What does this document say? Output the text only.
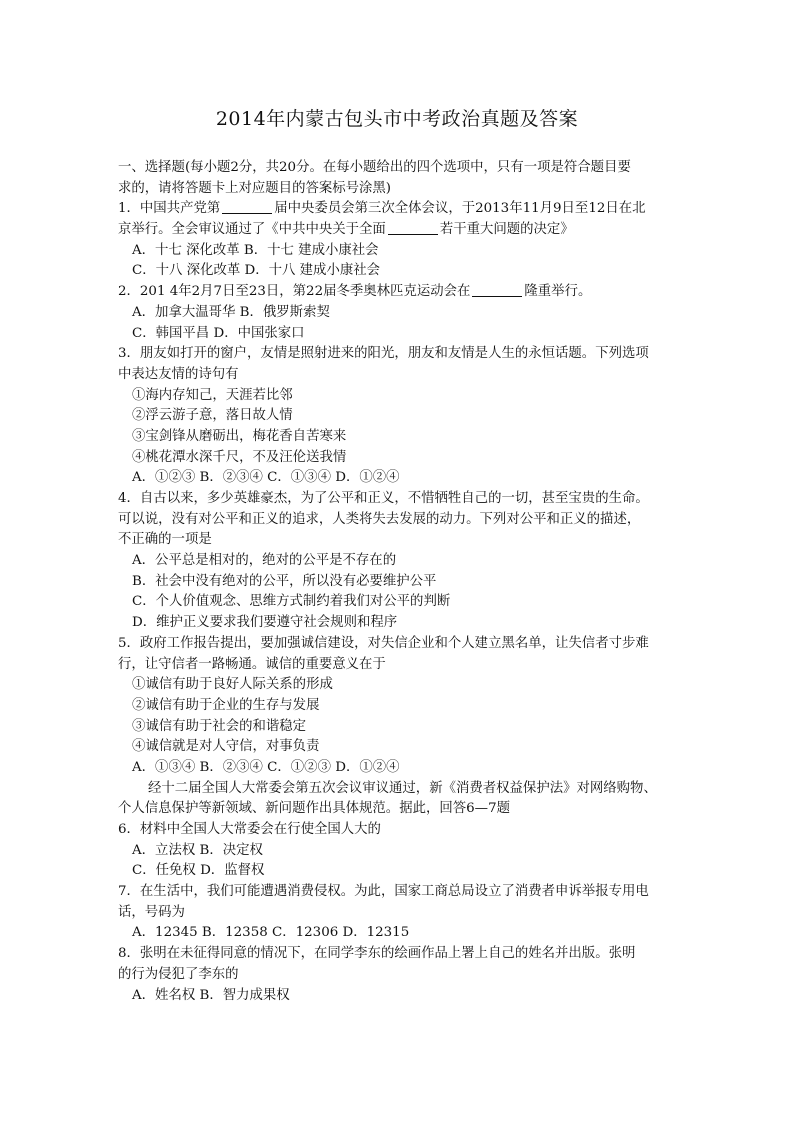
2014年内蒙古包头市中考政治真题及答案
一、选择题(每小题2分，共20分。在每小题给出的四个选项中，只有一项是符合题目要
求的，请将答题卡上对应题目的答案标号涂黑)
1．中国共产党第	届中央委员会第三次全体会议，于2013年11月9日至12日在北
京举行。全会审议通过了《中共中央关于全面	若干重大问题的决定》
A．十七 深化改革 B．十七 建成小康社会
C．十八 深化改革 D．十八 建成小康社会
2．201 4年2月7日至23日，第22届冬季奥林匹克运动会在	隆重举行。
A．加拿大温哥华 B．俄罗斯索契
C．韩国平昌 D．中国张家口
3．朋友如打开的窗户，友情是照射进来的阳光，朋友和友情是人生的永恒话题。下列选项
中表达友情的诗句有
①海内存知己，天涯若比邻
②浮云游子意，落日故人情
③宝剑锋从磨砺出，梅花香自苦寒来
④桃花潭水深千尺，不及汪伦送我情
A．①②③ B．②③④ C．①③④ D．①②④
4．自古以来，多少英雄豪杰，为了公平和正义，不惜牺牲自己的一切，甚至宝贵的生命。
可以说，没有对公平和正义的追求，人类将失去发展的动力。下列对公平和正义的描述，
不正确的一项是
A．公平总是相对的，绝对的公平是不存在的
B．社会中没有绝对的公平，所以没有必要维护公平
C．个人价值观念、思维方式制约着我们对公平的判断
D．维护正义要求我们要遵守社会规则和程序
5．政府工作报告提出，要加强诚信建设，对失信企业和个人建立黑名单，让失信者寸步难
行，让守信者一路畅通。诚信的重要意义在于
①诚信有助于良好人际关系的形成
②诚信有助于企业的生存与发展
③诚信有助于社会的和谐稳定
④诚信就是对人守信，对事负责
A．①③④ B．②③④ C．①②③ D．①②④
经十二届全国人大常委会第五次会议审议通过，新《消费者权益保护法》对网络购物、
个人信息保护等新领域、新问题作出具体规范。据此，回答6—7题
6．材料中全国人大常委会在行使全国人大的
A．立法权 B．决定权
C．任免权 D．监督权
7．在生活中，我们可能遭遇消费侵权。为此，国家工商总局设立了消费者申诉举报专用电
话，号码为
A．12345 B．12358 C．12306 D．12315
8．张明在未征得同意的情况下，在同学李东的绘画作品上署上自己的姓名并出版。张明
的行为侵犯了李东的
A．姓名权 B．智力成果权
